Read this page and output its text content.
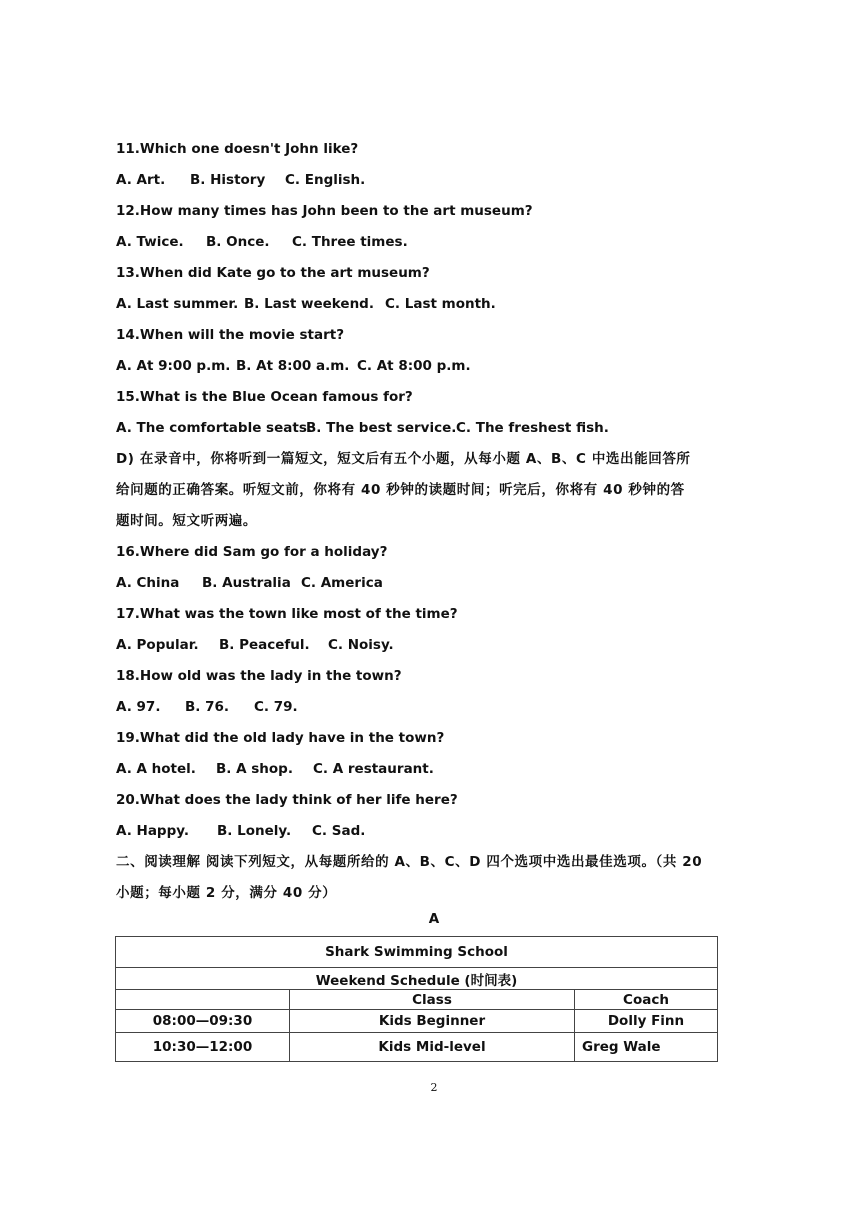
11.Which one doesn't John like?
A. Art. B. History C. English.
12.How many times has John been to the art museum?
A. Twice. B. Once. C. Three times.
13.When did Kate go to the art museum?
A. Last summer. B. Last weekend. C. Last month.
14.When will the movie start?
A. At 9:00 p.m. B. At 8:00 a.m. C. At 8:00 p.m.
15.What is the Blue Ocean famous for?
A. The comfortable seats.B. The best service.C. The freshest fish.
D) 在录音中，你将听到一篇短文，短文后有五个小题，从每小题 A、B、C 中选出能回答所
给问题的正确答案。听短文前，你将有 40 秒钟的读题时间；听完后，你将有 40 秒钟的答
题时间。短文听两遍。
16.Where did Sam go for a holiday?
A. China B. Australia C. America
17.What was the town like most of the time?
A. Popular. B. Peaceful. C. Noisy.
18.How old was the lady in the town?
A. 97. B. 76. C. 79.
19.What did the old lady have in the town?
A. A hotel. B. A shop. C. A restaurant.
20.What does the lady think of her life here?
A. Happy. B. Lonely. C. Sad.
二、阅读理解 阅读下列短文，从每题所给的 A、B、C、D 四个选项中选出最佳选项。（共 20
小题；每小题 2 分，满分 40 分）
A
Shark Swimming School		
Weekend Schedule (时间表)		
	Class	Coach
08:00—09:30	Kids Beginner	Dolly Finn
10:30—12:00	Kids Mid-level	Greg Wale
2
